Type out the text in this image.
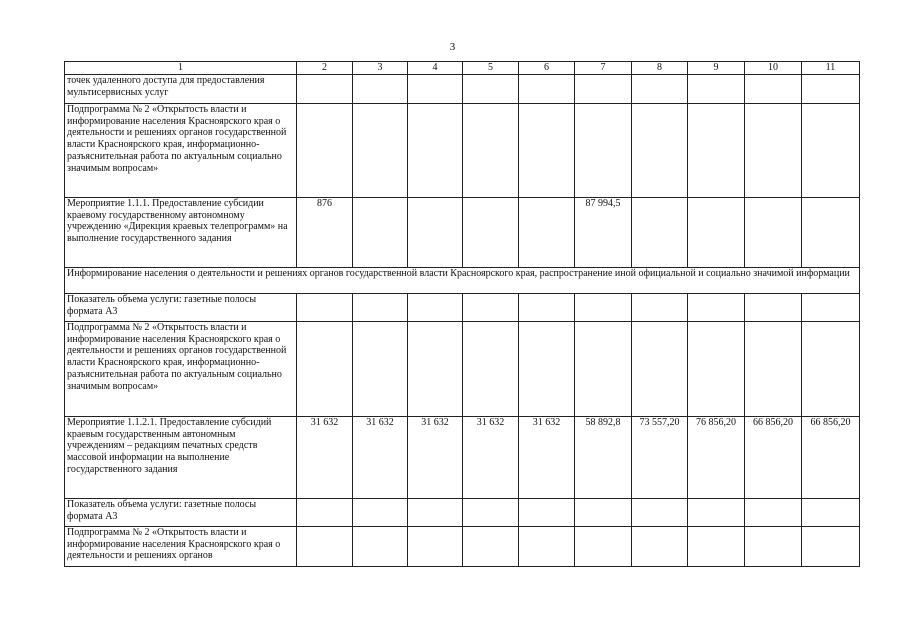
3
1	2	3	4	5	6	7	8	9	10	11
точек удаленного доступа для предоставления мультисервисных услуг										
Подпрограмма № 2 «Открытость власти и информирование населения Красноярского края о деятельности и решениях органов государственной власти Красноярского края, информационно-разъяснительная работа по актуальным социально значимым вопросам»										
Мероприятие 1.1.1. Предоставление субсидии краевому государственному автономному учреждению «Дирекция краевых телепрограмм» на выполнение государственного задания	876					87 994,5				
Информирование населения о деятельности и решениях органов государственной власти Красноярского края, распространение иной официальной и социально значимой информации										
Показатель объема услуги: газетные полосы формата А3										
Подпрограмма № 2 «Открытость власти и информирование населения Красноярского края о деятельности и решениях органов государственной власти Красноярского края, информационно-разъяснительная работа по актуальным социально значимым вопросам»										
Мероприятие 1.1.2.1. Предоставление субсидий краевым государственным автономным учреждениям – редакциям печатных средств массовой информации на выполнение государственного задания	31 632	31 632	31 632	31 632	31 632	58 892,8	73 557,20	76 856,20	66 856,20	66 856,20
Показатель объема услуги: газетные полосы формата А3										
Подпрограмма № 2 «Открытость власти и информирование населения Красноярского края о деятельности и решениях органов										
